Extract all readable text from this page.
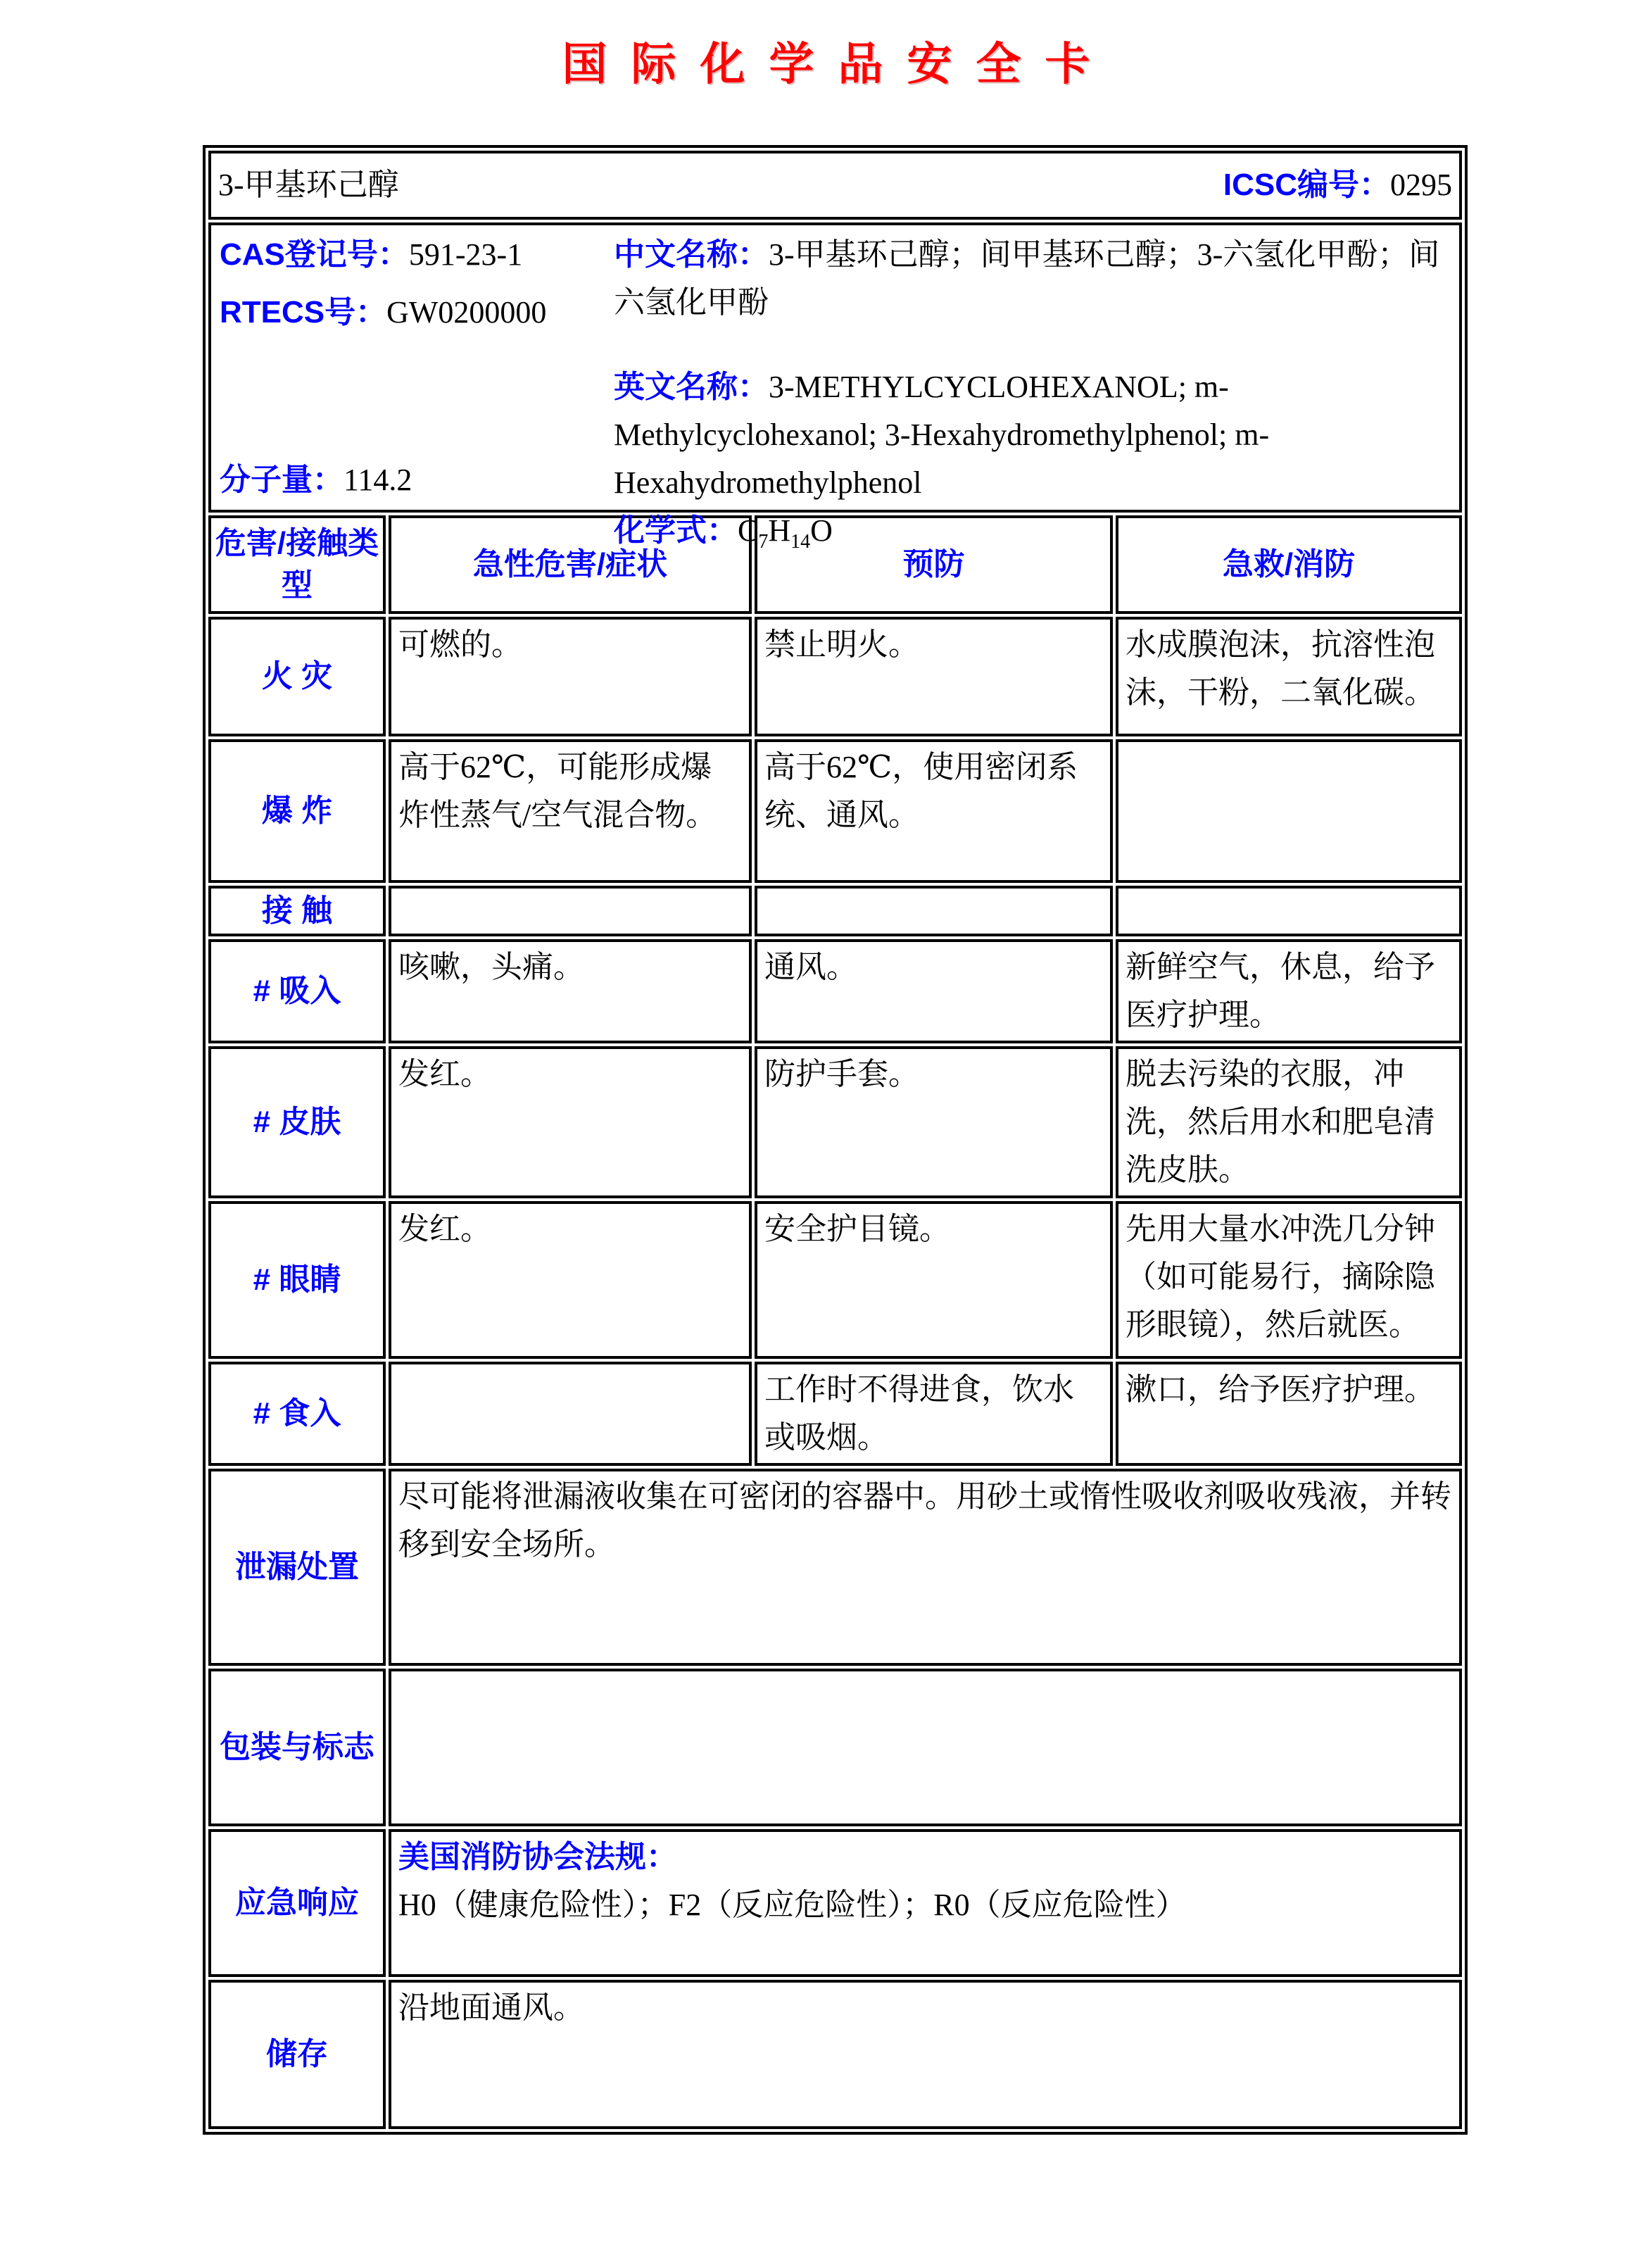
国际化学品安全卡
3-甲基环己醇 ICSC编号：0295			

CAS登记号：591-23-1
RTECS号：GW0200000
分子量：114.2
中文名称：3-甲基环己醇；间甲基环己醇；3-六氢化甲酚；间六氢化甲酚
英文名称：3-METHYLCYCLOHEXANOL; m-Methylcyclohexanol; 3-Hexahydromethylphenol; m-Hexahydromethylphenol
化学式：$C_7H_{14}O$

危害/接触类型	急性危害/症状	预防	急救/消防
火 灾	可燃的。	禁止明火。	水成膜泡沫，抗溶性泡沫，干粉，二氧化碳。
爆 炸	高于62℃，可能形成爆炸性蒸气/空气混合物。	高于62℃，使用密闭系统、通风。	
接 触			
# 吸入	咳嗽，头痛。	通风。	新鲜空气，休息，给予医疗护理。
# 皮肤	发红。	防护手套。	脱去污染的衣服，冲洗，然后用水和肥皂清洗皮肤。
# 眼睛	发红。	安全护目镜。	先用大量水冲洗几分钟（如可能易行，摘除隐形眼镜），然后就医。
# 食入		工作时不得进食，饮水或吸烟。	漱口，给予医疗护理。
泄漏处置	尽可能将泄漏液收集在可密闭的容器中。用砂土或惰性吸收剂吸收残液，并转移到安全场所。		
包装与标志			
应急响应	美国消防协会法规：H0（健康危险性）；F2（反应危险性）；R0（反应危险性）		
储存	沿地面通风。		
